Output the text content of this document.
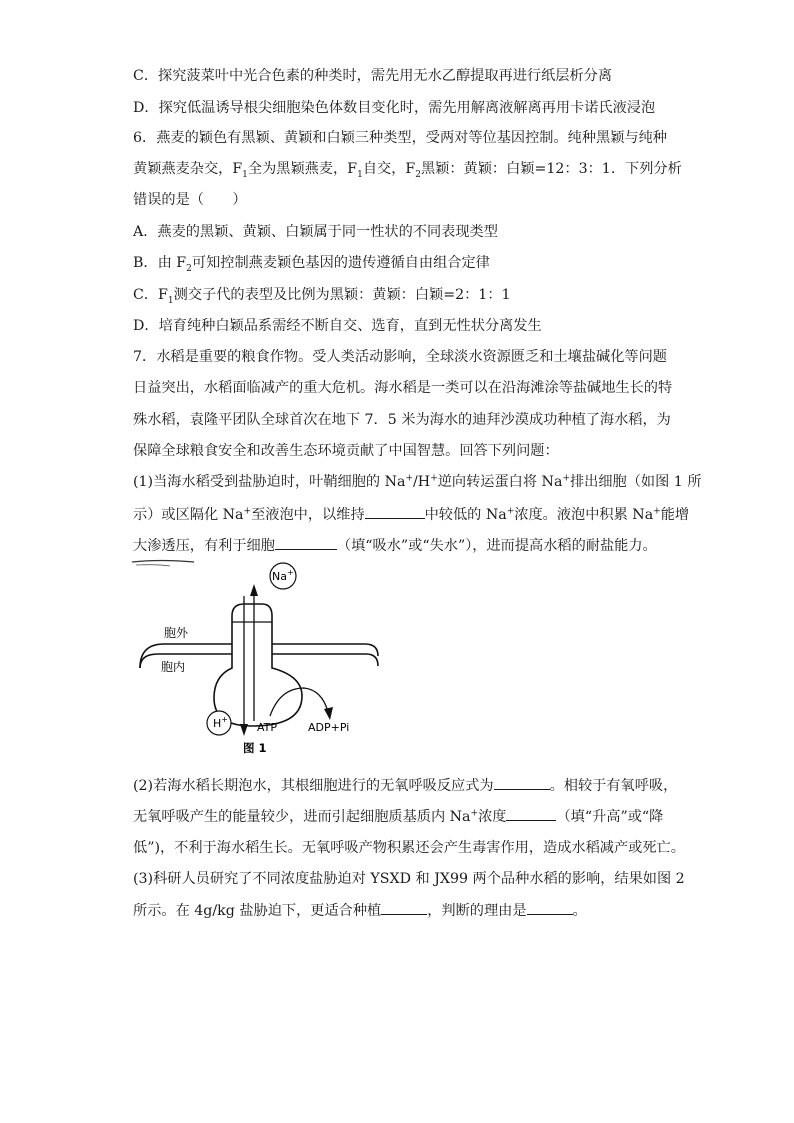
C．探究菠菜叶中光合色素的种类时，需先用无水乙醇提取再进行纸层析分离
D．探究低温诱导根尖细胞染色体数目变化时，需先用解离液解离再用卡诺氏液浸泡
6．燕麦的颖色有黑颖、黄颖和白颖三种类型，受两对等位基因控制。纯种黑颖与纯种
黄颖燕麦杂交，$F_1$全为黑颖燕麦，$F_1$自交，$F_2$黑颖：黄颖：白颖=12：3：1．下列分析
错误的是（　　）
A．燕麦的黑颖、黄颖、白颖属于同一性状的不同表现类型
B．由 $F_2$可知控制燕麦颖色基因的遗传遵循自由组合定律
C．$F_1$测交子代的表型及比例为黑颖：黄颖：白颖=2：1：1
D．培育纯种白颖品系需经不断自交、选育，直到无性状分离发生
7．水稻是重要的粮食作物。受人类活动影响，全球淡水资源匮乏和土壤盐碱化等问题
日益突出，水稻面临减产的重大危机。海水稻是一类可以在沿海滩涂等盐碱地生长的特
殊水稻，袁隆平团队全球首次在地下 7．5 米为海水的迪拜沙漠成功种植了海水稻，为
保障全球粮食安全和改善生态环境贡献了中国智慧。回答下列问题：
(1)当海水稻受到盐胁迫时，叶鞘细胞的 Na+/H+逆向转运蛋白将 Na+排出细胞（如图 1 所
示）或区隔化 Na+至液泡中，以维持	中较低的 Na+浓度。液泡中积累 Na+能增
大渗透压，有利于细胞	（填“吸水”或“失水”），进而提高水稻的耐盐能力。
胞外
胞内
Na+
H+
ATP	ADP+Pi
图 1
(2)若海水稻长期泡水，其根细胞进行的无氧呼吸反应式为	。相较于有氧呼吸，
无氧呼吸产生的能量较少，进而引起细胞质基质内 Na+浓度	（填“升高”或“降
低”)，不利于海水稻生长。无氧呼吸产物积累还会产生毒害作用，造成水稻减产或死亡。
(3)科研人员研究了不同浓度盐胁迫对 YSXD 和 JX99 两个品种水稻的影响，结果如图 2
所示。在 4g/kg 盐胁迫下，更适合种植	，判断的理由是	。
